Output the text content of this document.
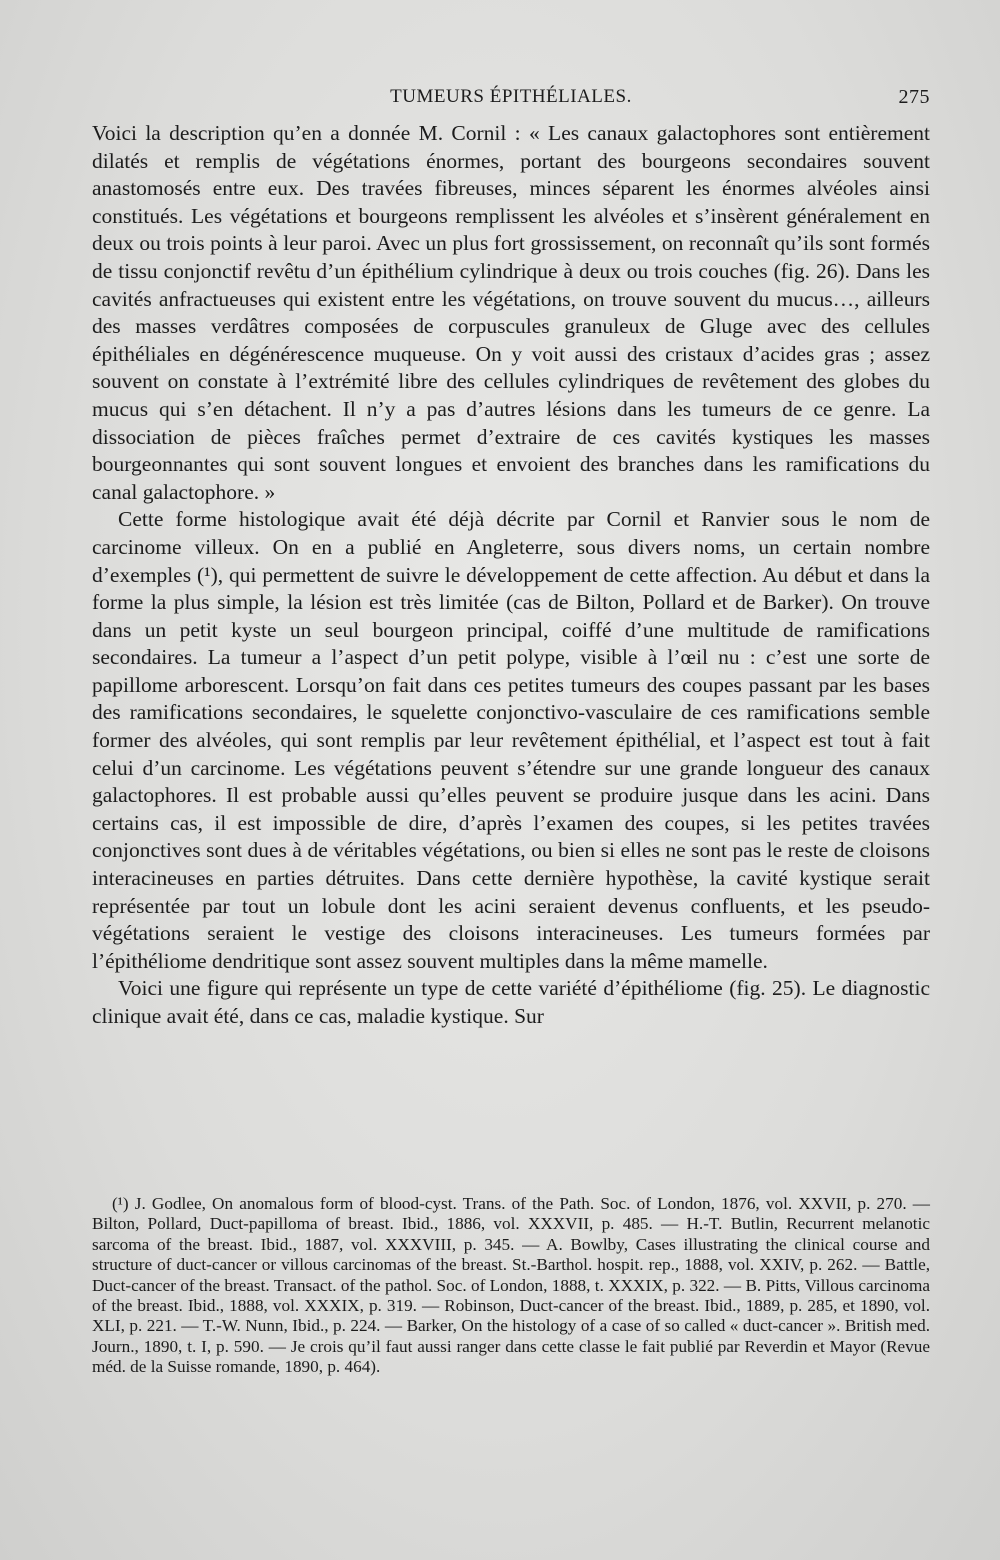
TUMEURS ÉPITHÉLIALES.	275

Voici la description qu’en a donnée M. Cornil : « Les canaux galactophores sont entièrement dilatés et remplis de végétations énormes, portant des bourgeons secondaires souvent anastomosés entre eux. Des travées fibreuses, minces séparent les énormes alvéoles ainsi constitués. Les végétations et bourgeons remplissent les alvéoles et s’insèrent généralement en deux ou trois points à leur paroi. Avec un plus fort grossissement, on reconnaît qu’ils sont formés de tissu conjonctif revêtu d’un épithélium cylindrique à deux ou trois couches (fig. 26). Dans les cavités anfractueuses qui existent entre les végétations, on trouve souvent du mucus…, ailleurs des masses verdâtres composées de corpuscules granuleux de Gluge avec des cellules épithéliales en dégénérescence muqueuse. On y voit aussi des cristaux d’acides gras ; assez souvent on constate à l’extrémité libre des cellules cylindriques de revêtement des globes du mucus qui s’en détachent. Il n’y a pas d’autres lésions dans les tumeurs de ce genre. La dissociation de pièces fraîches permet d’extraire de ces cavités kystiques les masses bourgeonnantes qui sont souvent longues et envoient des branches dans les ramifications du canal galactophore. »

Cette forme histologique avait été déjà décrite par Cornil et Ranvier sous le nom de carcinome villeux. On en a publié en Angleterre, sous divers noms, un certain nombre d’exemples (¹), qui permettent de suivre le développement de cette affection. Au début et dans la forme la plus simple, la lésion est très limitée (cas de Bilton, Pollard et de Barker). On trouve dans un petit kyste un seul bourgeon principal, coiffé d’une multitude de ramifications secondaires. La tumeur a l’aspect d’un petit polype, visible à l’œil nu : c’est une sorte de papillome arborescent. Lorsqu’on fait dans ces petites tumeurs des coupes passant par les bases des ramifications secondaires, le squelette conjonctivo-vasculaire de ces ramifications semble former des alvéoles, qui sont remplis par leur revêtement épithélial, et l’aspect est tout à fait celui d’un carcinome. Les végétations peuvent s’étendre sur une grande longueur des canaux galactophores. Il est probable aussi qu’elles peuvent se produire jusque dans les acini. Dans certains cas, il est impossible de dire, d’après l’examen des coupes, si les petites travées conjonctives sont dues à de véritables végétations, ou bien si elles ne sont pas le reste de cloisons interacineuses en parties détruites. Dans cette dernière hypothèse, la cavité kystique serait représentée par tout un lobule dont les acini seraient devenus confluents, et les pseudo-végétations seraient le vestige des cloisons interacineuses. Les tumeurs formées par l’épithéliome dendritique sont assez souvent multiples dans la même mamelle.

Voici une figure qui représente un type de cette variété d’épithéliome (fig. 25). Le diagnostic clinique avait été, dans ce cas, maladie kystique. Sur

(¹) J. Godlee, On anomalous form of blood-cyst. Trans. of the Path. Soc. of London, 1876, vol. XXVII, p. 270. — Bilton, Pollard, Duct-papilloma of breast. Ibid., 1886, vol. XXXVII, p. 485. — H.-T. Butlin, Recurrent melanotic sarcoma of the breast. Ibid., 1887, vol. XXXVIII, p. 345. — A. Bowlby, Cases illustrating the clinical course and structure of duct-cancer or villous carcinomas of the breast. St.-Barthol. hospit. rep., 1888, vol. XXIV, p. 262. — Battle, Duct-cancer of the breast. Transact. of the pathol. Soc. of London, 1888, t. XXXIX, p. 322. — B. Pitts, Villous carcinoma of the breast. Ibid., 1888, vol. XXXIX, p. 319. — Robinson, Duct-cancer of the breast. Ibid., 1889, p. 285, et 1890, vol. XLI, p. 221. — T.-W. Nunn, Ibid., p. 224. — Barker, On the histology of a case of so called « duct-cancer ». British med. Journ., 1890, t. I, p. 590. — Je crois qu’il faut aussi ranger dans cette classe le fait publié par Reverdin et Mayor (Revue méd. de la Suisse romande, 1890, p. 464).
